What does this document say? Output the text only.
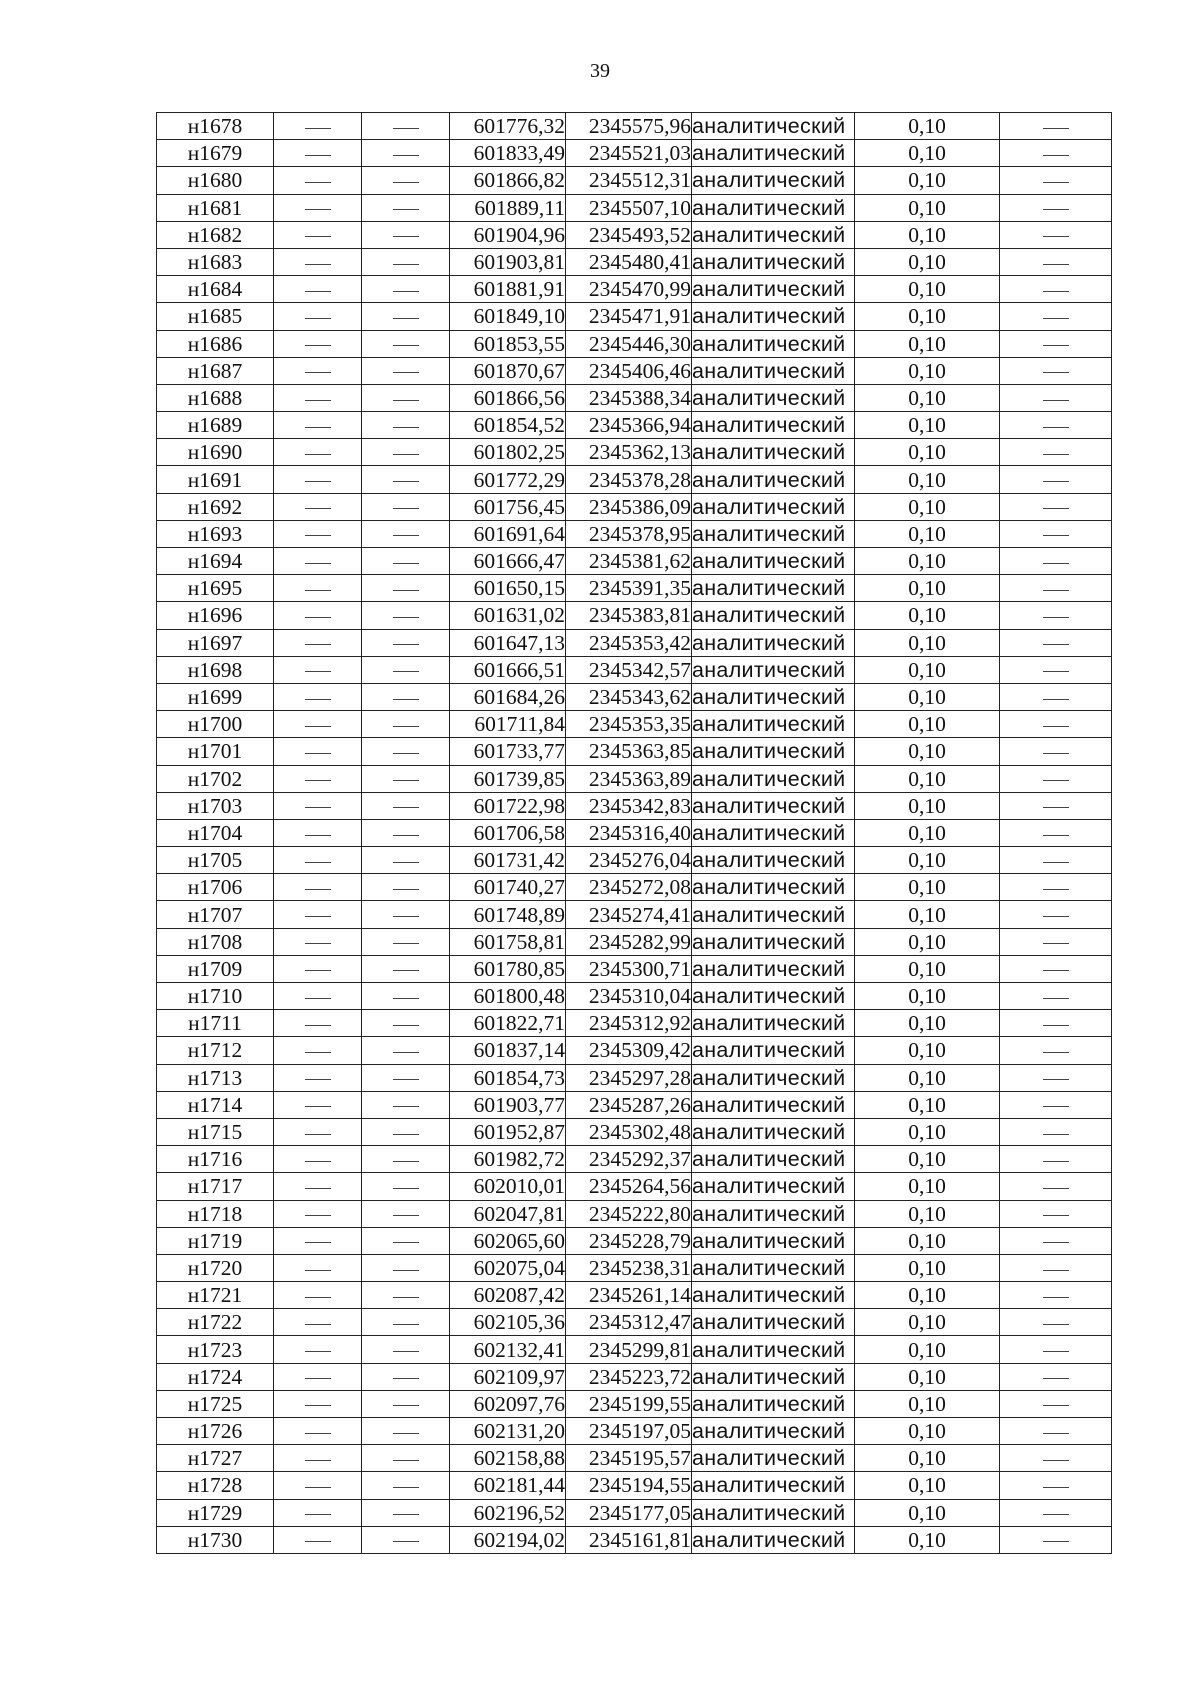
39
н1678			601776,32	2345575,96	аналитический	0,10	
н1679			601833,49	2345521,03	аналитический	0,10	
н1680			601866,82	2345512,31	аналитический	0,10	
н1681			601889,11	2345507,10	аналитический	0,10	
н1682			601904,96	2345493,52	аналитический	0,10	
н1683			601903,81	2345480,41	аналитический	0,10	
н1684			601881,91	2345470,99	аналитический	0,10	
н1685			601849,10	2345471,91	аналитический	0,10	
н1686			601853,55	2345446,30	аналитический	0,10	
н1687			601870,67	2345406,46	аналитический	0,10	
н1688			601866,56	2345388,34	аналитический	0,10	
н1689			601854,52	2345366,94	аналитический	0,10	
н1690			601802,25	2345362,13	аналитический	0,10	
н1691			601772,29	2345378,28	аналитический	0,10	
н1692			601756,45	2345386,09	аналитический	0,10	
н1693			601691,64	2345378,95	аналитический	0,10	
н1694			601666,47	2345381,62	аналитический	0,10	
н1695			601650,15	2345391,35	аналитический	0,10	
н1696			601631,02	2345383,81	аналитический	0,10	
н1697			601647,13	2345353,42	аналитический	0,10	
н1698			601666,51	2345342,57	аналитический	0,10	
н1699			601684,26	2345343,62	аналитический	0,10	
н1700			601711,84	2345353,35	аналитический	0,10	
н1701			601733,77	2345363,85	аналитический	0,10	
н1702			601739,85	2345363,89	аналитический	0,10	
н1703			601722,98	2345342,83	аналитический	0,10	
н1704			601706,58	2345316,40	аналитический	0,10	
н1705			601731,42	2345276,04	аналитический	0,10	
н1706			601740,27	2345272,08	аналитический	0,10	
н1707			601748,89	2345274,41	аналитический	0,10	
н1708			601758,81	2345282,99	аналитический	0,10	
н1709			601780,85	2345300,71	аналитический	0,10	
н1710			601800,48	2345310,04	аналитический	0,10	
н1711			601822,71	2345312,92	аналитический	0,10	
н1712			601837,14	2345309,42	аналитический	0,10	
н1713			601854,73	2345297,28	аналитический	0,10	
н1714			601903,77	2345287,26	аналитический	0,10	
н1715			601952,87	2345302,48	аналитический	0,10	
н1716			601982,72	2345292,37	аналитический	0,10	
н1717			602010,01	2345264,56	аналитический	0,10	
н1718			602047,81	2345222,80	аналитический	0,10	
н1719			602065,60	2345228,79	аналитический	0,10	
н1720			602075,04	2345238,31	аналитический	0,10	
н1721			602087,42	2345261,14	аналитический	0,10	
н1722			602105,36	2345312,47	аналитический	0,10	
н1723			602132,41	2345299,81	аналитический	0,10	
н1724			602109,97	2345223,72	аналитический	0,10	
н1725			602097,76	2345199,55	аналитический	0,10	
н1726			602131,20	2345197,05	аналитический	0,10	
н1727			602158,88	2345195,57	аналитический	0,10	
н1728			602181,44	2345194,55	аналитический	0,10	
н1729			602196,52	2345177,05	аналитический	0,10	
н1730			602194,02	2345161,81	аналитический	0,10	
